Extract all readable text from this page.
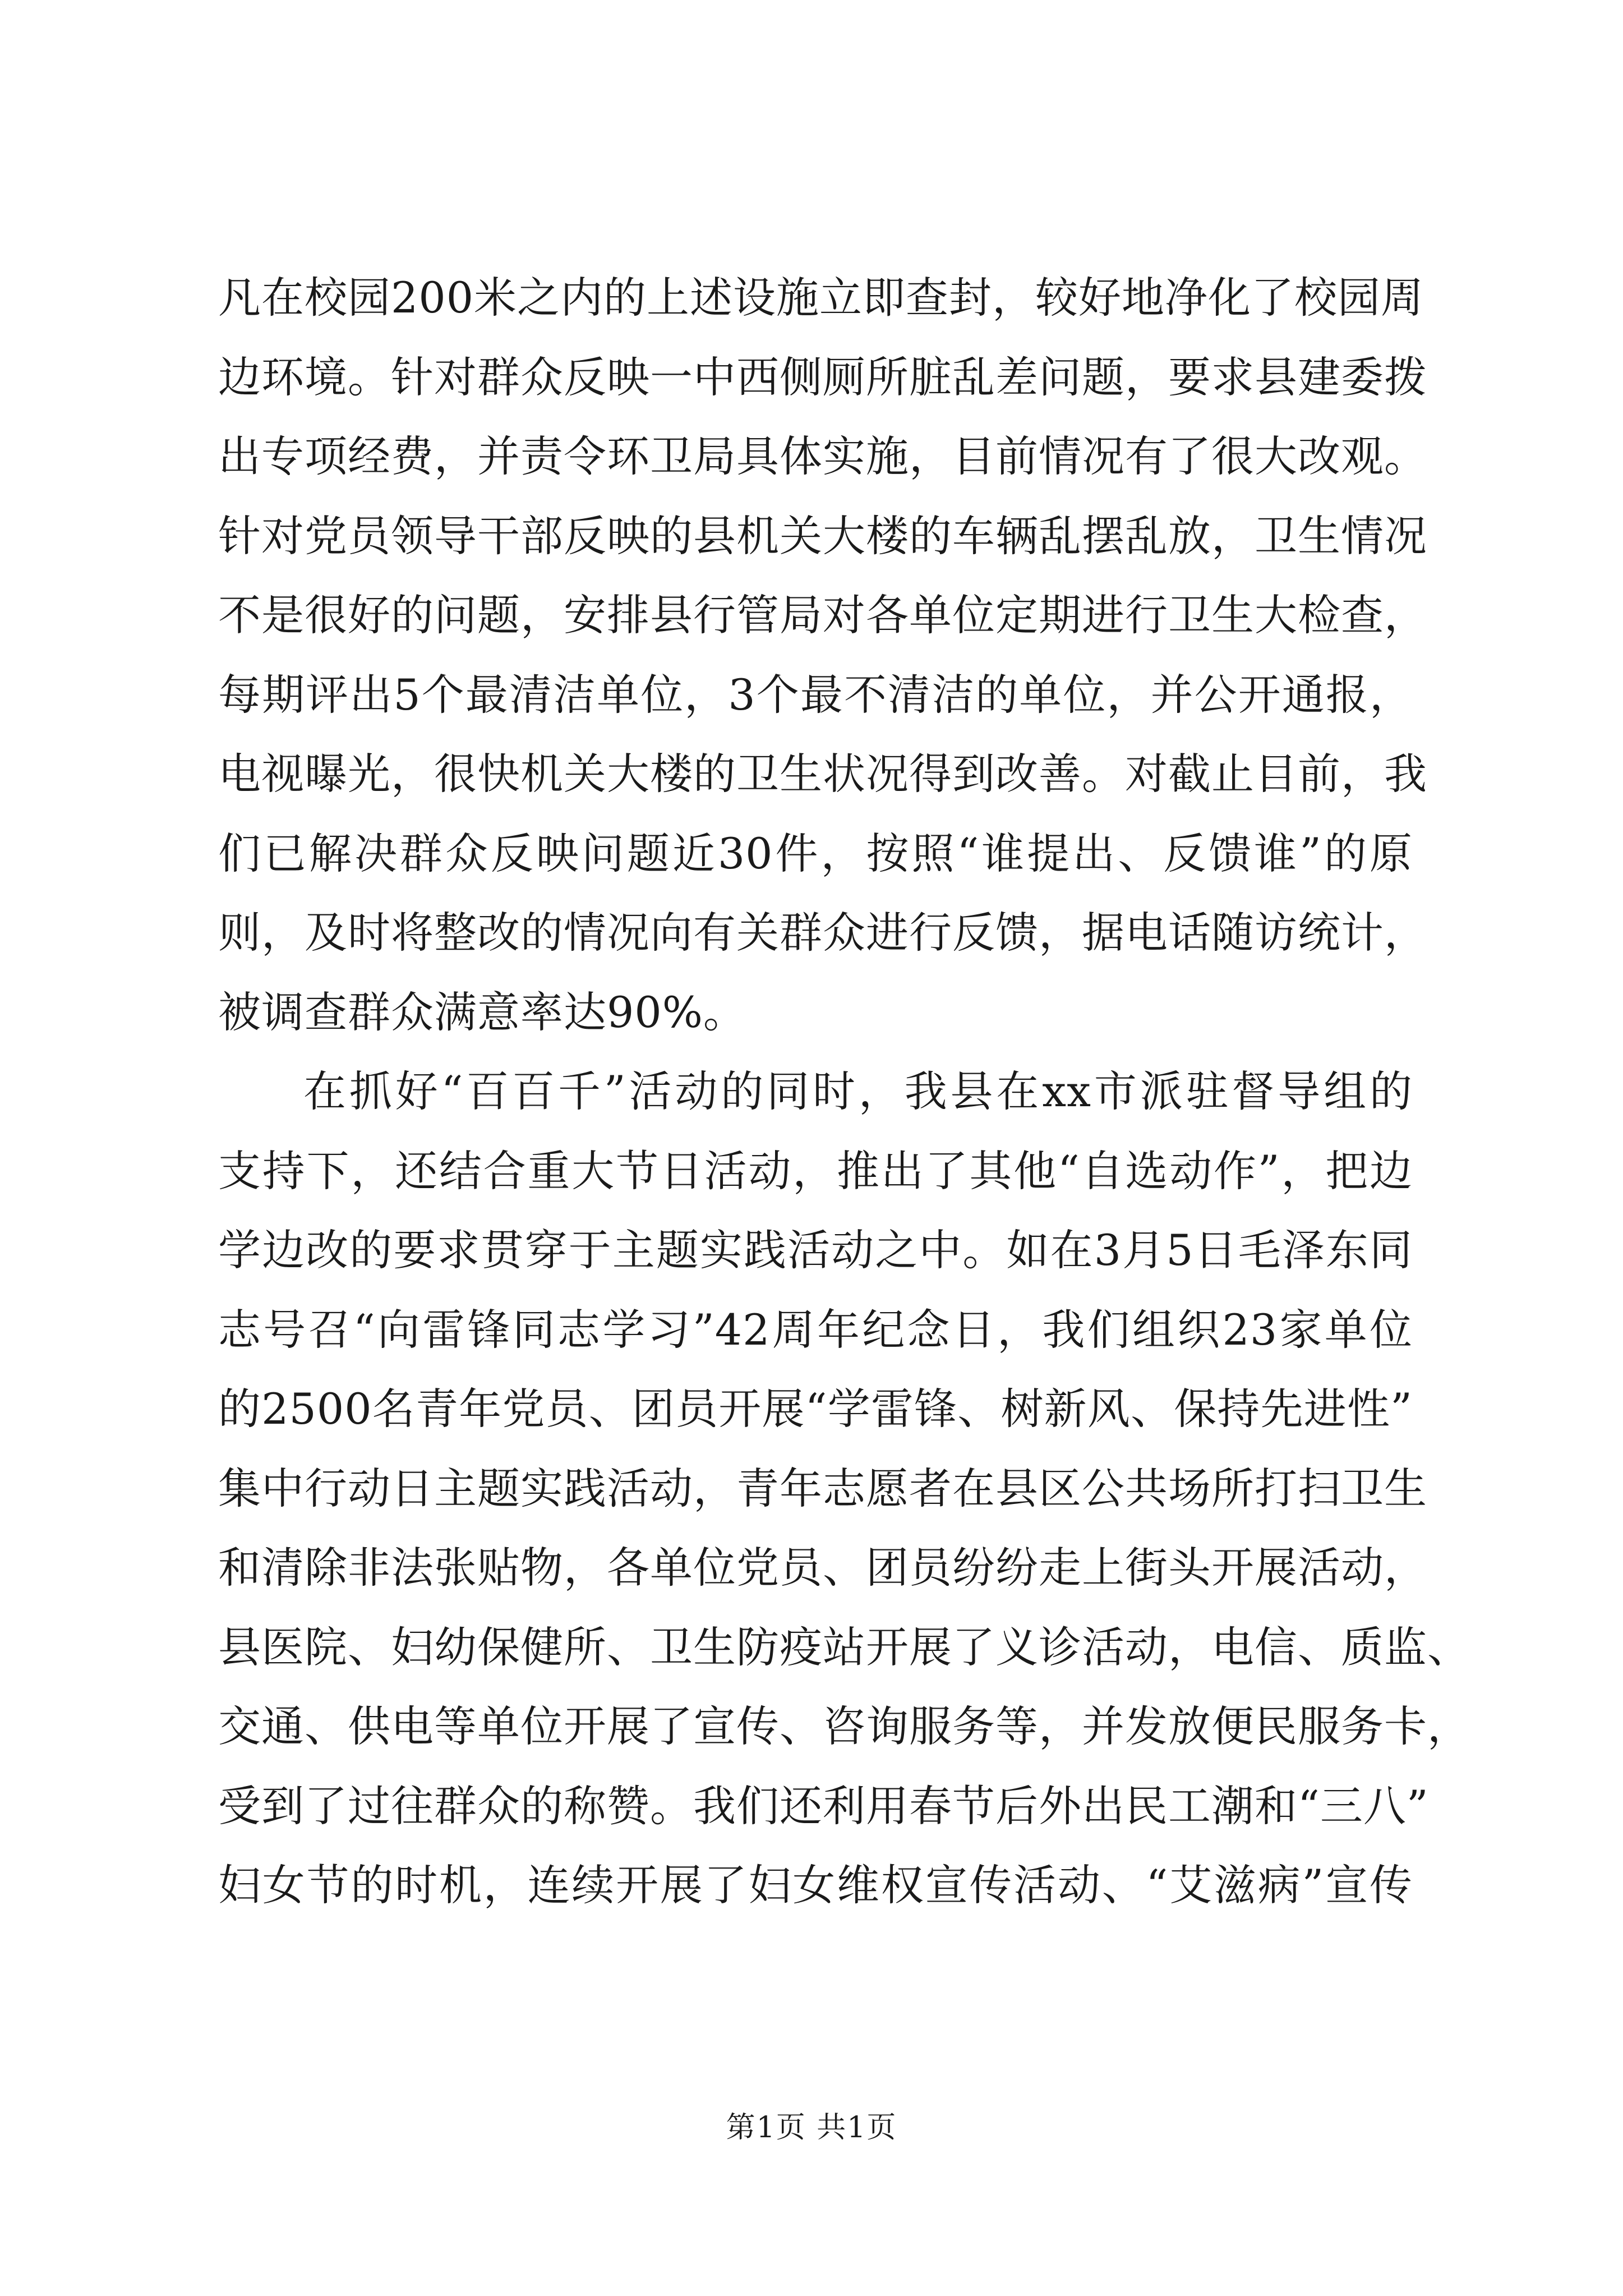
凡在校园200米之内的上述设施立即查封，较好地净化了校园周
边环境。针对群众反映一中西侧厕所脏乱差问题，要求县建委拨
出专项经费，并责令环卫局具体实施，目前情况有了很大改观。
针对党员领导干部反映的县机关大楼的车辆乱摆乱放，卫生情况
不是很好的问题，安排县行管局对各单位定期进行卫生大检查，
每期评出5个最清洁单位，3个最不清洁的单位，并公开通报，
电视曝光，很快机关大楼的卫生状况得到改善。对截止目前，我
们已解决群众反映问题近30件，按照“谁提出、反馈谁”的原
则，及时将整改的情况向有关群众进行反馈，据电话随访统计，
被调查群众满意率达90%。
在抓好“百百千”活动的同时，我县在xx市派驻督导组的
支持下，还结合重大节日活动，推出了其他“自选动作”，把边
学边改的要求贯穿于主题实践活动之中。如在3月5日毛泽东同
志号召“向雷锋同志学习”42周年纪念日，我们组织23家单位
的2500名青年党员、团员开展“学雷锋、树新风、保持先进性”
集中行动日主题实践活动，青年志愿者在县区公共场所打扫卫生
和清除非法张贴物，各单位党员、团员纷纷走上街头开展活动，
县医院、妇幼保健所、卫生防疫站开展了义诊活动，电信、质监、
交通、供电等单位开展了宣传、咨询服务等，并发放便民服务卡，
受到了过往群众的称赞。我们还利用春节后外出民工潮和“三八”
妇女节的时机，连续开展了妇女维权宣传活动、“艾滋病”宣传
第1页 共1页
